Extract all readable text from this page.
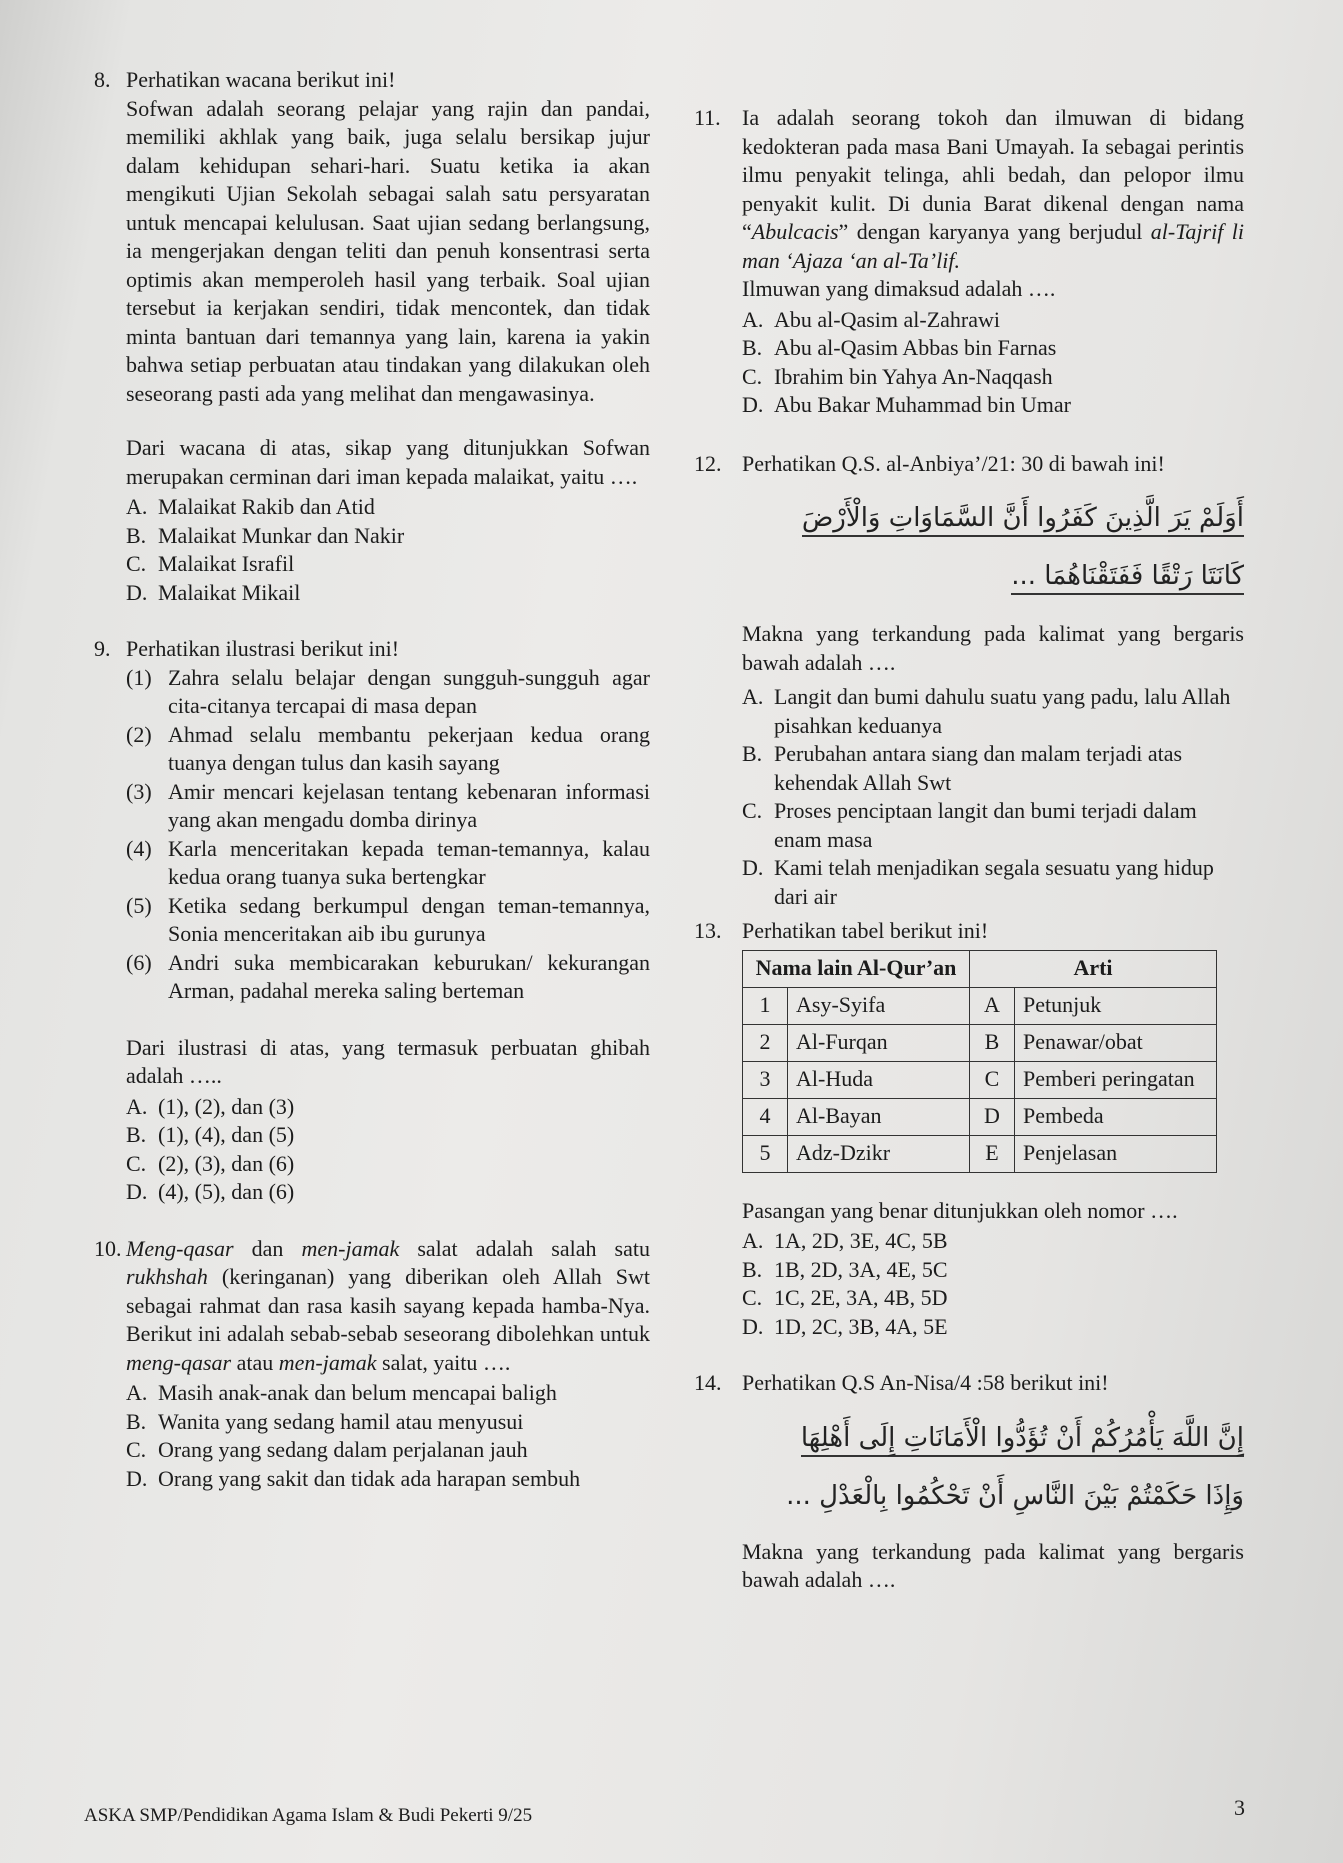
8. Perhatikan wacana berikut ini!

Sofwan adalah seorang pelajar yang rajin dan pandai, memiliki akhlak yang baik, juga selalu bersikap jujur dalam kehidupan sehari-hari. Suatu ketika ia akan mengikuti Ujian Sekolah sebagai salah satu persyaratan untuk mencapai kelulusan. Saat ujian sedang berlangsung, ia mengerjakan dengan teliti dan penuh konsentrasi serta optimis akan memperoleh hasil yang terbaik. Soal ujian tersebut ia kerjakan sendiri, tidak mencontek, dan tidak minta bantuan dari temannya yang lain, karena ia yakin bahwa setiap perbuatan atau tindakan yang dilakukan oleh seseorang pasti ada yang melihat dan mengawasinya.

Dari wacana di atas, sikap yang ditunjukkan Sofwan merupakan cerminan dari iman kepada malaikat, yaitu ….

A. Malaikat Rakib dan Atid
B. Malaikat Munkar dan Nakir
C. Malaikat Israfil
D. Malaikat Mikail
9. Perhatikan ilustrasi berikut ini!

(1) Zahra selalu belajar dengan sungguh-sungguh agar cita-citanya tercapai di masa depan
(2) Ahmad selalu membantu pekerjaan kedua orang tuanya dengan tulus dan kasih sayang
(3) Amir mencari kejelasan tentang kebenaran informasi yang akan mengadu domba dirinya
(4) Karla menceritakan kepada teman-temannya, kalau kedua orang tuanya suka bertengkar
(5) Ketika sedang berkumpul dengan teman-temannya, Sonia menceritakan aib ibu gurunya
(6) Andri suka membicarakan keburukan/ kekurangan Arman, padahal mereka saling berteman

Dari ilustrasi di atas, yang termasuk perbuatan ghibah adalah …..

A. (1), (2), dan (3)
B. (1), (4), dan (5)
C. (2), (3), dan (6)
D. (4), (5), dan (6)
10. Meng-qasar dan men-jamak salat adalah salah satu rukhshah (keringanan) yang diberikan oleh Allah Swt sebagai rahmat dan rasa kasih sayang kepada hamba-Nya. Berikut ini adalah sebab-sebab seseorang dibolehkan untuk meng-qasar atau men-jamak salat, yaitu ….

A. Masih anak-anak dan belum mencapai baligh
B. Wanita yang sedang hamil atau menyusui
C. Orang yang sedang dalam perjalanan jauh
D. Orang yang sakit dan tidak ada harapan sembuh
11. Ia adalah seorang tokoh dan ilmuwan di bidang kedokteran pada masa Bani Umayah. Ia sebagai perintis ilmu penyakit telinga, ahli bedah, dan pelopor ilmu penyakit kulit. Di dunia Barat dikenal dengan nama “Abulcacis” dengan karyanya yang berjudul al-Tajrif li man ‘Ajaza ‘an al-Ta’lif.

Ilmuwan yang dimaksud adalah ….

A. Abu al-Qasim al-Zahrawi
B. Abu al-Qasim Abbas bin Farnas
C. Ibrahim bin Yahya An-Naqqash
D. Abu Bakar Muhammad bin Umar
12. Perhatikan Q.S. al-Anbiya’/21: 30 di bawah ini!

أَوَلَمْ يَرَ الَّذِينَ كَفَرُوا أَنَّ السَّمَاوَاتِ وَالْأَرْضَ
كَانَتَا رَتْقًا فَفَتَقْنَاهُمَا ...

Makna yang terkandung pada kalimat yang bergaris bawah adalah ….

A. Langit dan bumi dahulu suatu yang padu, lalu Allah pisahkan keduanya
B. Perubahan antara siang dan malam terjadi atas kehendak Allah Swt
C. Proses penciptaan langit dan bumi terjadi dalam enam masa
D. Kami telah menjadikan segala sesuatu yang hidup dari air
13. Perhatikan tabel berikut ini!

Nama lain Al-Qur’an		Arti	
1	Asy-Syifa	A	Petunjuk
2	Al-Furqan	B	Penawar/obat
3	Al-Huda	C	Pemberi peringatan
4	Al-Bayan	D	Pembeda
5	Adz-Dzikr	E	Penjelasan

Pasangan yang benar ditunjukkan oleh nomor ….

A. 1A, 2D, 3E, 4C, 5B
B. 1B, 2D, 3A, 4E, 5C
C. 1C, 2E, 3A, 4B, 5D
D. 1D, 2C, 3B, 4A, 5E
14. Perhatikan Q.S An-Nisa/4 :58 berikut ini!

إِنَّ اللَّهَ يَأْمُرُكُمْ أَنْ تُؤَدُّوا الْأَمَانَاتِ إِلَى أَهْلِهَا
وَإِذَا حَكَمْتُمْ بَيْنَ النَّاسِ أَنْ تَحْكُمُوا بِالْعَدْلِ ...

Makna yang terkandung pada kalimat yang bergaris bawah adalah ….

ASKA SMP/Pendidikan Agama Islam & Budi Pekerti 9/25	3
